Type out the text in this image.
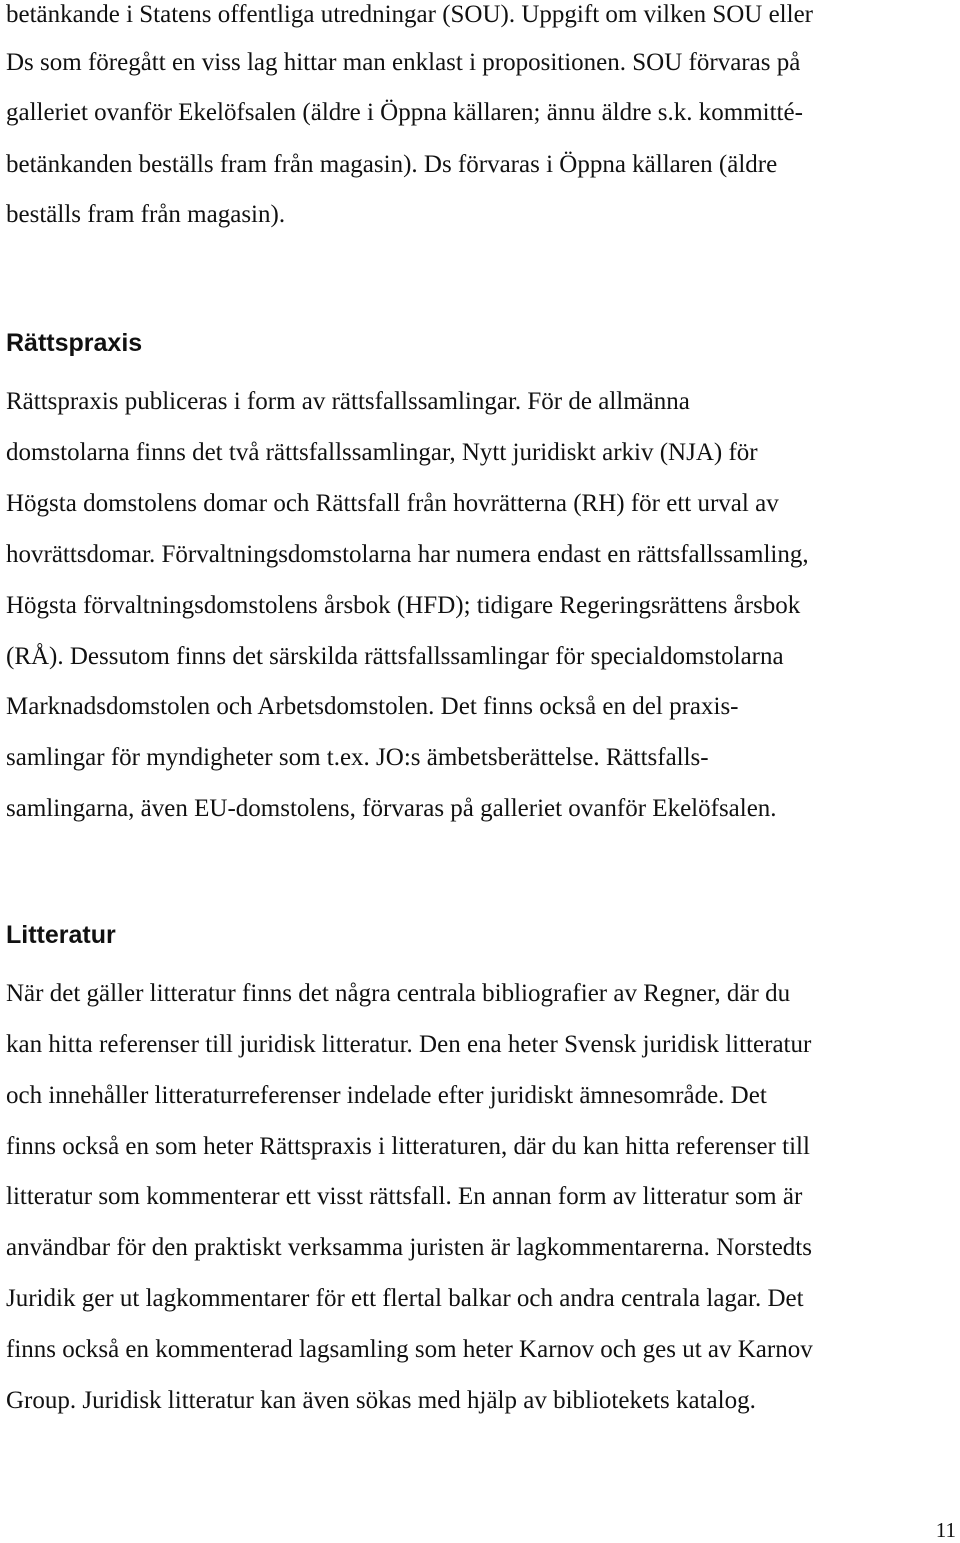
betänkande i Statens offentliga utredningar (SOU). Uppgift om vilken SOU eller
Ds som föregått en viss lag hittar man enklast i propositionen. SOU förvaras på
galleriet ovanför Ekelöfsalen (äldre i Öppna källaren; ännu äldre s.k. kommitté-
betänkanden beställs fram från magasin). Ds förvaras i Öppna källaren (äldre
beställs fram från magasin).
Rättspraxis
Rättspraxis publiceras i form av rättsfallssamlingar. För de allmänna
domstolarna finns det två rättsfallssamlingar, Nytt juridiskt arkiv (NJA) för
Högsta domstolens domar och Rättsfall från hovrätterna (RH) för ett urval av
hovrättsdomar. Förvaltningsdomstolarna har numera endast en rättsfallssamling,
Högsta förvaltningsdomstolens årsbok (HFD); tidigare Regeringsrättens årsbok
(RÅ). Dessutom finns det särskilda rättsfallssamlingar för specialdomstolarna
Marknadsdomstolen och Arbetsdomstolen. Det finns också en del praxis-
samlingar för myndigheter som t.ex. JO:s ämbetsberättelse. Rättsfalls-
samlingarna, även EU-domstolens, förvaras på galleriet ovanför Ekelöfsalen.
Litteratur
När det gäller litteratur finns det några centrala bibliografier av Regner, där du
kan hitta referenser till juridisk litteratur. Den ena heter Svensk juridisk litteratur
och innehåller litteraturreferenser indelade efter juridiskt ämnesområde. Det
finns också en som heter Rättspraxis i litteraturen, där du kan hitta referenser till
litteratur som kommenterar ett visst rättsfall. En annan form av litteratur som är
användbar för den praktiskt verksamma juristen är lagkommentarerna. Norstedts
Juridik ger ut lagkommentarer för ett flertal balkar och andra centrala lagar. Det
finns också en kommenterad lagsamling som heter Karnov och ges ut av Karnov
Group. Juridisk litteratur kan även sökas med hjälp av bibliotekets katalog.
11
